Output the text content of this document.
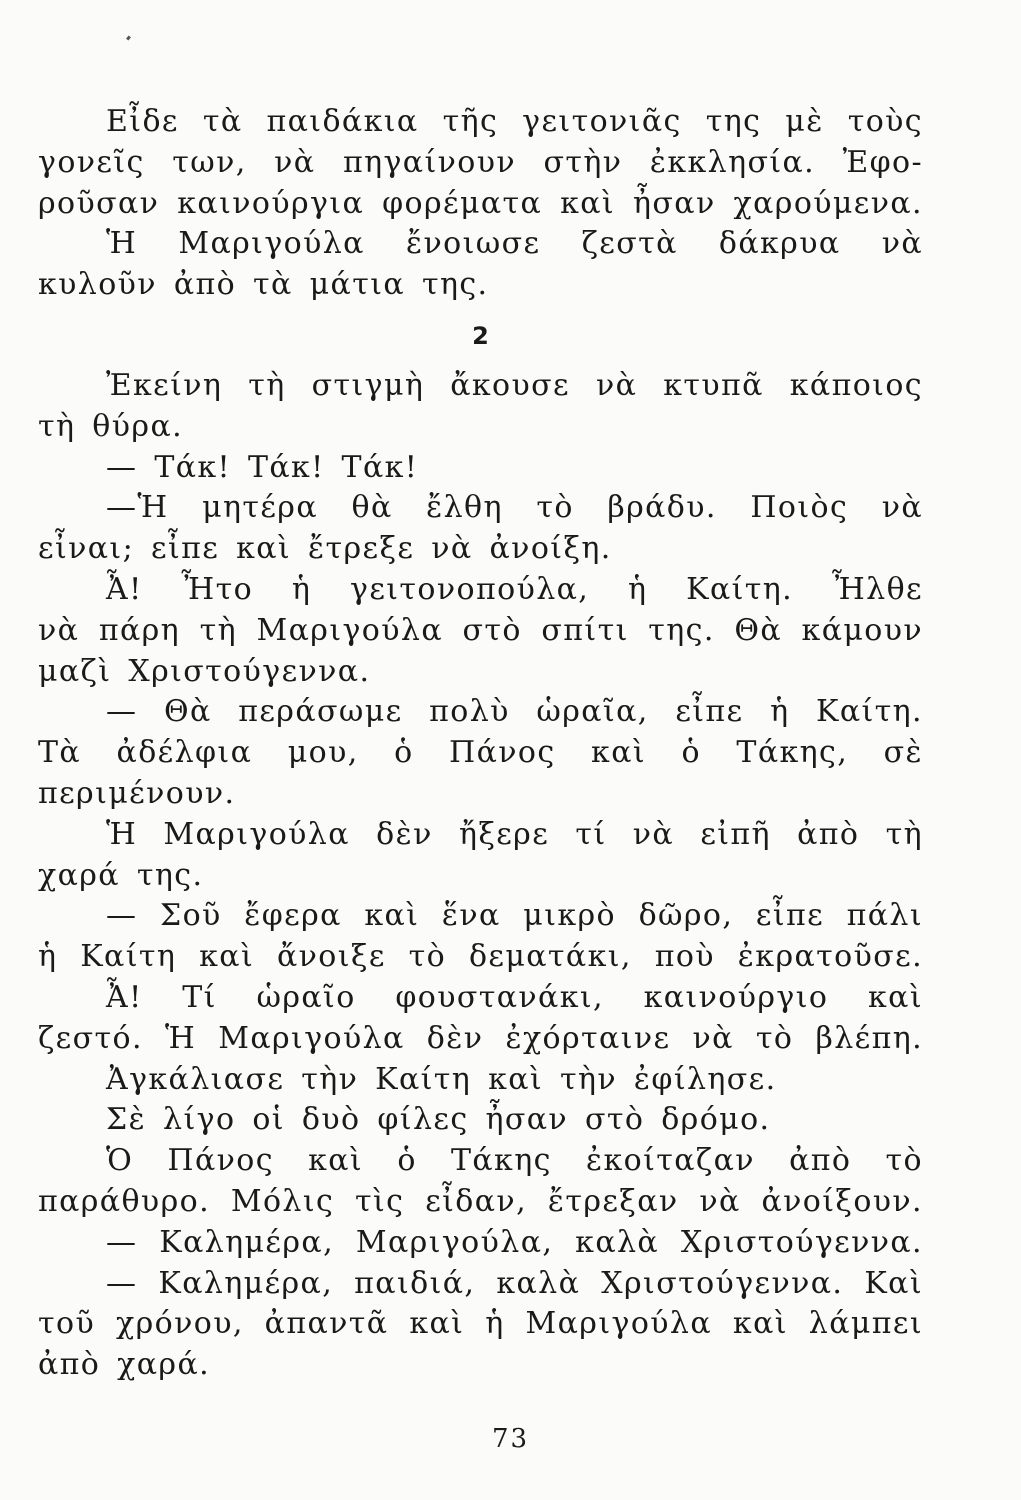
Εἶδε τὰ παιδάκια τῆς γειτονιᾶς της μὲ τοὺς
γονεῖς των, νὰ πηγαίνουν στὴν ἐκκλησία. Ἐφο-
ροῦσαν καινούργια φορέματα καὶ ἦσαν χαρούμενα.
Ἡ Μαριγούλα ἔνοιωσε ζεστὰ δάκρυα νὰ
κυλοῦν ἀπὸ τὰ μάτια της.
2
Ἐκείνη τὴ στιγμὴ ἄκουσε νὰ κτυπᾶ κάποιος
τὴ θύρα.
— Τάκ! Τάκ! Τάκ!
—Ἡ μητέρα θὰ ἔλθη τὸ βράδυ. Ποιὸς νὰ
εἶναι; εἶπε καὶ ἔτρεξε νὰ ἀνοίξη.
Ἆ! Ἦτο ἡ γειτονοπούλα, ἡ Καίτη. Ἦλθε
νὰ πάρη τὴ Μαριγούλα στὸ σπίτι της. Θὰ κάμουν
μαζὶ Χριστούγεννα.
— Θὰ περάσωμε πολὺ ὡραῖα, εἶπε ἡ Καίτη.
Τὰ ἀδέλφια μου, ὁ Πάνος καὶ ὁ Τάκης, σὲ
περιμένουν.
Ἡ Μαριγούλα δὲν ἤξερε τί νὰ εἰπῆ ἀπὸ τὴ
χαρά της.
— Σοῦ ἔφερα καὶ ἕνα μικρὸ δῶρο, εἶπε πάλι
ἡ Καίτη καὶ ἄνοιξε τὸ δεματάκι, ποὺ ἐκρατοῦσε.
Ἆ! Τί ὡραῖο φουστανάκι, καινούργιο καὶ
ζεστό. Ἡ Μαριγούλα δὲν ἐχόρταινε νὰ τὸ βλέπη.
Ἀγκάλιασε τὴν Καίτη καὶ τὴν ἐφίλησε.
Σὲ λίγο οἱ δυὸ φίλες ἦσαν στὸ δρόμο.
Ὁ Πάνος καὶ ὁ Τάκης ἐκοίταζαν ἀπὸ τὸ
παράθυρο. Μόλις τὶς εἶδαν, ἔτρεξαν νὰ ἀνοίξουν.
— Καλημέρα, Μαριγούλα, καλὰ Χριστούγεννα.
— Καλημέρα, παιδιά, καλὰ Χριστούγεννα. Καὶ
τοῦ χρόνου, ἀπαντᾶ καὶ ἡ Μαριγούλα καὶ λάμπει
ἀπὸ χαρά.
73
